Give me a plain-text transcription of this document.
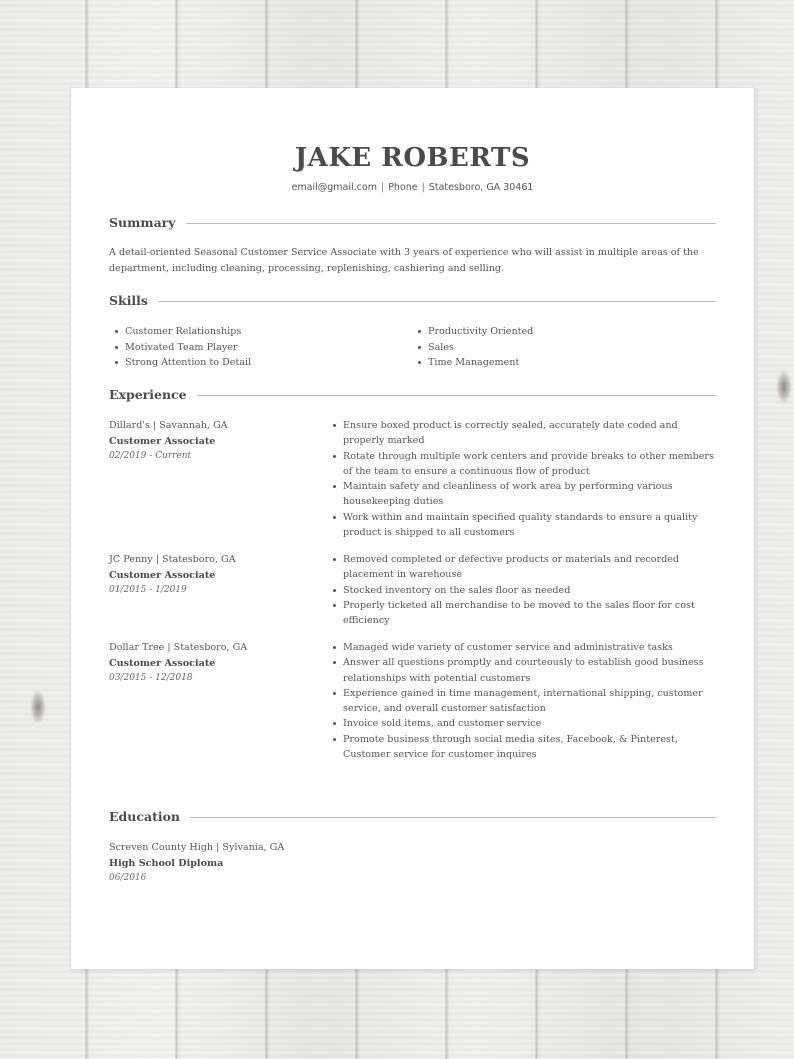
JAKE ROBERTS
email@gmail.com | Phone | Statesboro, GA 30461
Summary
A detail-oriented Seasonal Customer Service Associate with 3 years of experience who will assist in multiple areas of the department, including cleaning, processing, replenishing, cashiering and selling.
Skills
Customer Relationships
Motivated Team Player
Strong Attention to Detail
Productivity Oriented
Sales
Time Management
Experience
Dillard's | Savannah, GA
Customer Associate
02/2019 - Current
Ensure boxed product is correctly sealed, accurately date coded and properly marked
Rotate through multiple work centers and provide breaks to other members of the team to ensure a continuous flow of product
Maintain safety and cleanliness of work area by performing various housekeeping duties
Work within and maintain specified quality standards to ensure a quality product is shipped to all customers
JC Penny | Statesboro, GA
Customer Associate
01/2015 - 1/2019
Removed completed or defective products or materials and recorded placement in warehouse
Stocked inventory on the sales floor as needed
Properly ticketed all merchandise to be moved to the sales floor for cost efficiency
Dollar Tree | Statesboro, GA
Customer Associate
03/2015 - 12/2018
Managed wide variety of customer service and administrative tasks
Answer all questions promptly and courteously to establish good business relationships with potential customers
Experience gained in time management, international shipping, customer service, and overall customer satisfaction
Invoice sold items, and customer service
Promote business through social media sites, Facebook, & Pinterest, Customer service for customer inquires
Education
Screven County High | Sylvania, GA
High School Diploma
06/2016
